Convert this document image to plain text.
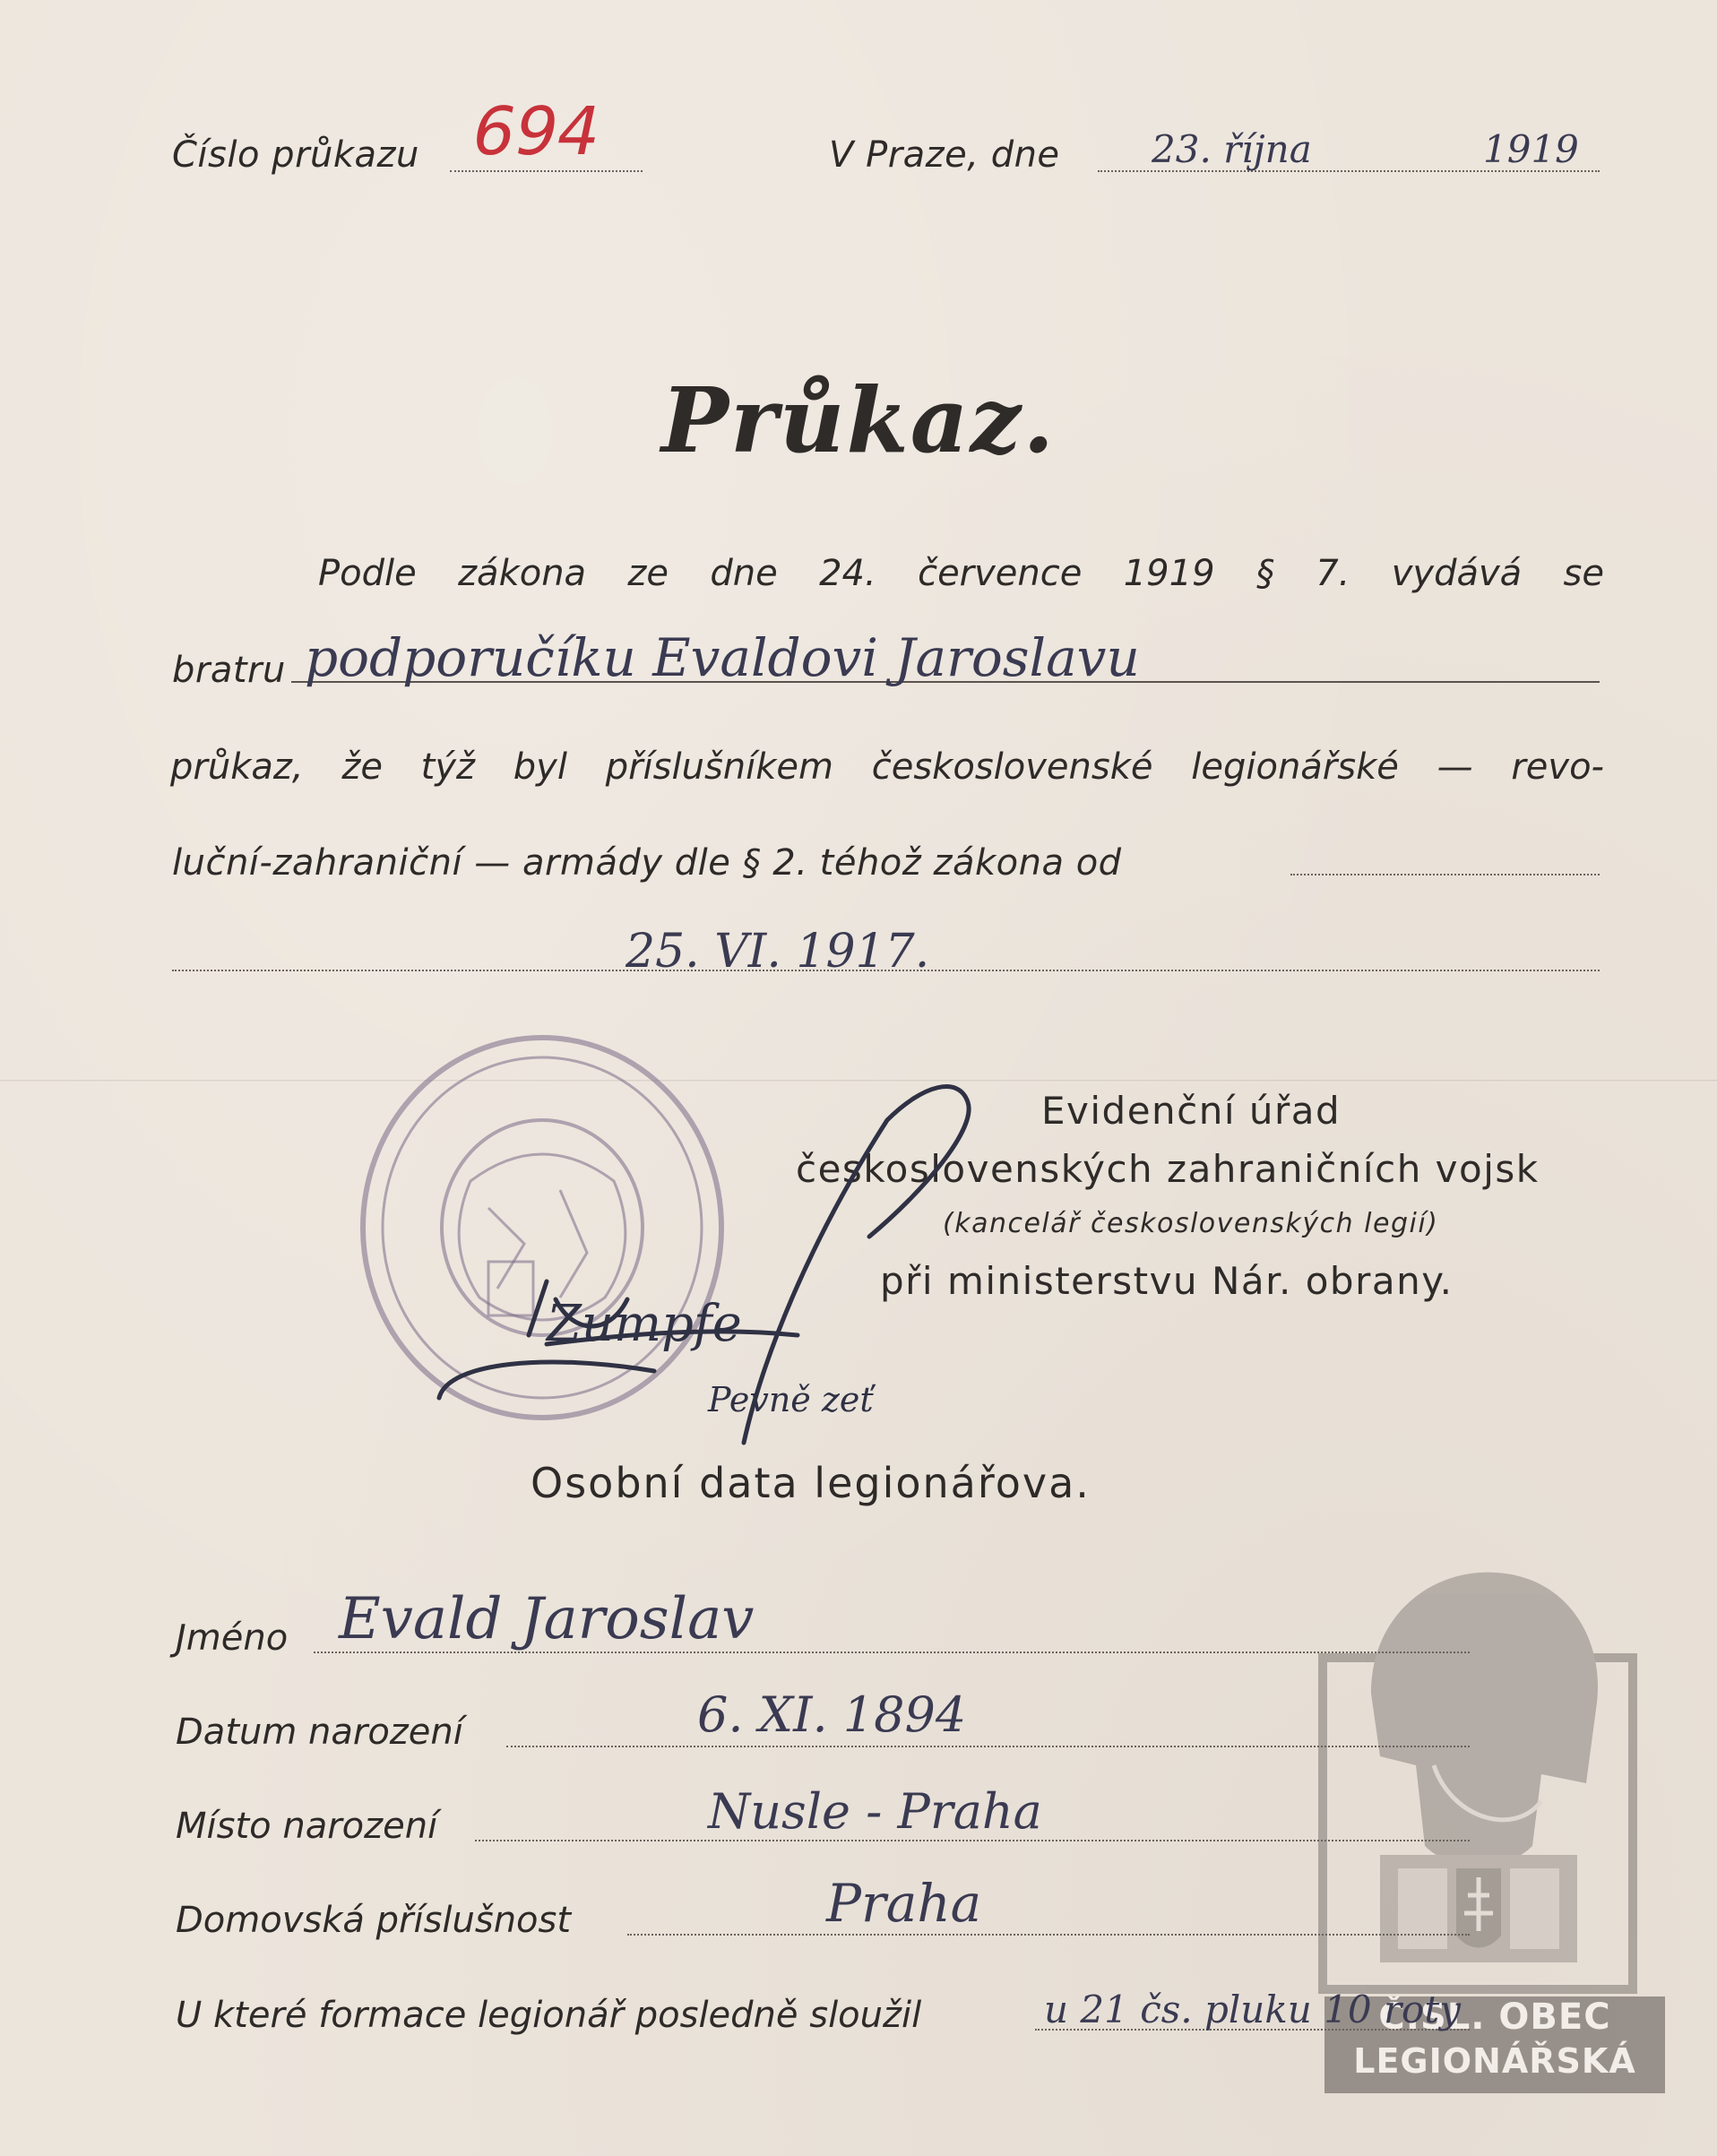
Číslo průkazu 694	V Praze, dne 23. října	1919
Průkaz.
Podle zákona ze dne 24. července 1919 § 7. vydává se
bratru podporučíku Evaldovi Jaroslavu
průkaz, že týž byl příslušníkem československé legionářské — revo-
luční-zahraniční — armády dle § 2. téhož zákona od
25. VI. 1917.
Evidenční úřad
československých zahraničních vojsk
(kancelář československých legií)
při ministerstvu Nár. obrany.
Zumpfe
Pevně zeť
Osobní data legionářova.
Č.SL. OBEC
LEGIONÁŘSKÁ
Jméno Evald Jaroslav
Datum narození	6. XI. 1894
Místo narození	Nusle - Praha
Domovská příslušnost	Praha
U které formace legionář posledně sloužil	u 21 čs. pluku 10 roty
